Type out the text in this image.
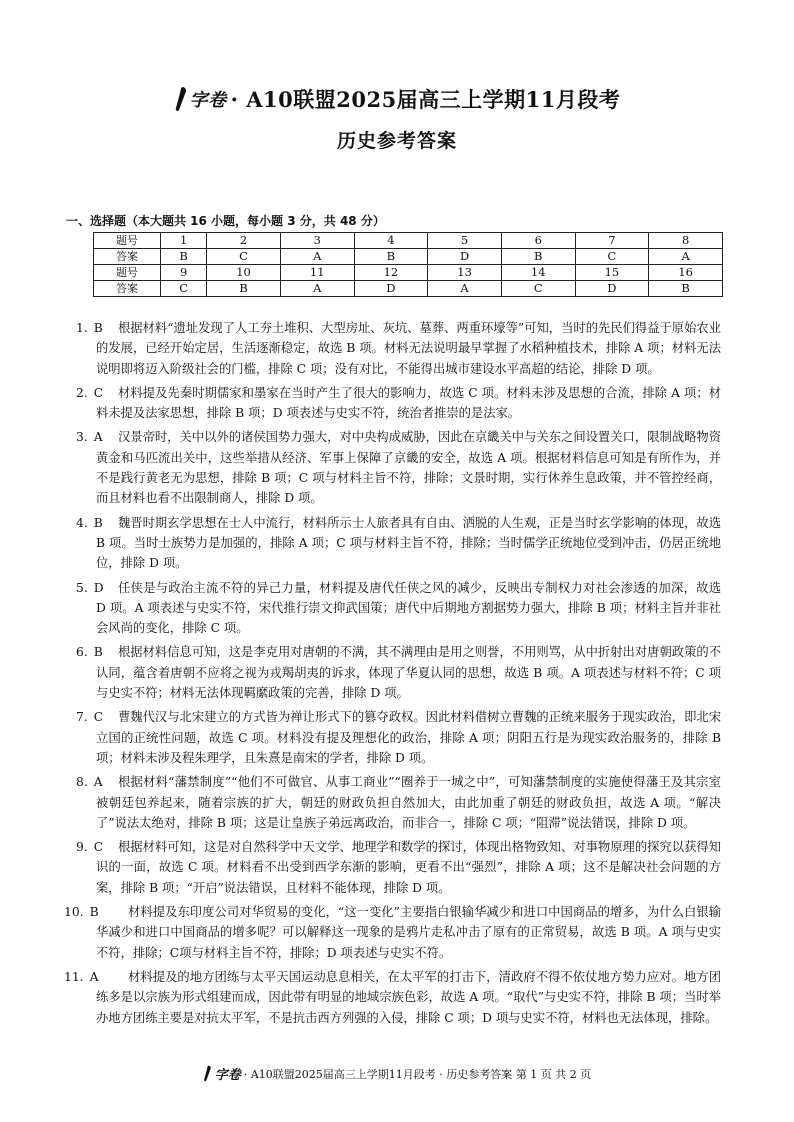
字卷 · A10联盟2025届高三上学期11月段考
历史参考答案
一、选择题（本大题共 16 小题，每小题 3 分，共 48 分）
题号	1	2	3	4	5	6	7	8
答案	B	C	A	B	D	B	C	A
题号	9	10	11	12	13	14	15	16
答案	C	B	A	D	A	C	D	B
1. B	根据材料“遗址发现了人工夯土堆积、大型房址、灰坑、墓葬、两重环壕等”可知，当时的先民们得益于原始农业的发展，已经开始定居，生活逐渐稳定，故选 B 项。材料无法说明最早掌握了水稻种植技术，排除 A 项；材料无法说明即将迈入阶级社会的门槛，排除 C 项；没有对比，不能得出城市建设水平高超的结论，排除 D 项。
2. C	材料提及先秦时期儒家和墨家在当时产生了很大的影响力，故选 C 项。材料未涉及思想的合流，排除 A 项；材料未提及法家思想，排除 B 项；D 项表述与史实不符，统治者推崇的是法家。
3. A	汉景帝时，关中以外的诸侯国势力强大，对中央构成威胁，因此在京畿关中与关东之间设置关口，限制战略物资黄金和马匹流出关中，这些举措从经济、军事上保障了京畿的安全，故选 A 项。根据材料信息可知是有所作为，并不是践行黄老无为思想，排除 B 项；C 项与材料主旨不符，排除；文景时期，实行休养生息政策，并不管控经商，而且材料也看不出限制商人，排除 D 项。
4. B	魏晋时期玄学思想在士人中流行，材料所示士人旅者具有自由、洒脱的人生观，正是当时玄学影响的体现，故选 B 项。当时士族势力是加强的，排除 A 项；C 项与材料主旨不符，排除；当时儒学正统地位受到冲击，仍居正统地位，排除 D 项。
5. D	任侠是与政治主流不符的异己力量，材料提及唐代任侠之风的减少，反映出专制权力对社会渗透的加深，故选 D 项。A 项表述与史实不符，宋代推行崇文抑武国策；唐代中后期地方割据势力强大，排除 B 项；材料主旨并非社会风尚的变化，排除 C 项。
6. B	根据材料信息可知，这是李克用对唐朝的不满，其不满理由是用之则誉，不用则骂，从中折射出对唐朝政策的不认同，蕴含着唐朝不应将之视为戎羯胡夷的诉求，体现了华夏认同的思想，故选 B 项。A 项表述与材料不符；C 项与史实不符；材料无法体现羁縻政策的完善，排除 D 项。
7. C	曹魏代汉与北宋建立的方式皆为禅让形式下的篡夺政权。因此材料借树立曹魏的正统来服务于现实政治，即北宋立国的正统性问题，故选 C 项。材料没有提及理想化的政治，排除 A 项；阴阳五行是为现实政治服务的，排除 B 项；材料未涉及程朱理学，且朱熹是南宋的学者，排除 D 项。
8. A	根据材料“藩禁制度”“他们不可做官、从事工商业”“圈养于一城之中”，可知藩禁制度的实施使得藩王及其宗室被朝廷包养起来，随着宗族的扩大，朝廷的财政负担自然加大，由此加重了朝廷的财政负担，故选 A 项。“解决了”说法太绝对，排除 B 项；这是让皇族子弟远离政治，而非合一，排除 C 项；“阻滞”说法错误，排除 D 项。
9. C	根据材料可知，这是对自然科学中天文学、地理学和数学的探讨，体现出格物致知、对事物原理的探究以获得知识的一面，故选 C 项。材料看不出受到西学东渐的影响，更看不出“强烈”，排除 A 项；这不是解决社会问题的方案，排除 B 项；“开启”说法错误，且材料不能体现，排除 D 项。
10. B	材料提及东印度公司对华贸易的变化，“这一变化”主要指白银输华减少和进口中国商品的增多，为什么白银输华减少和进口中国商品的增多呢？可以解释这一现象的是鸦片走私冲击了原有的正常贸易，故选 B 项。A 项与史实不符，排除；C项与材料主旨不符，排除；D 项表述与史实不符。
11. A	材料提及的地方团练与太平天国运动息息相关，在太平军的打击下，清政府不得不依仗地方势力应对。地方团练多是以宗族为形式组建而成，因此带有明显的地域宗族色彩，故选 A 项。“取代”与史实不符，排除 B 项；当时举办地方团练主要是对抗太平军，不是抗击西方列强的入侵，排除 C 项；D 项与史实不符，材料也无法体现，排除。
字卷 · A10联盟2025届高三上学期11月段考 · 历史参考答案 第 1 页 共 2 页
